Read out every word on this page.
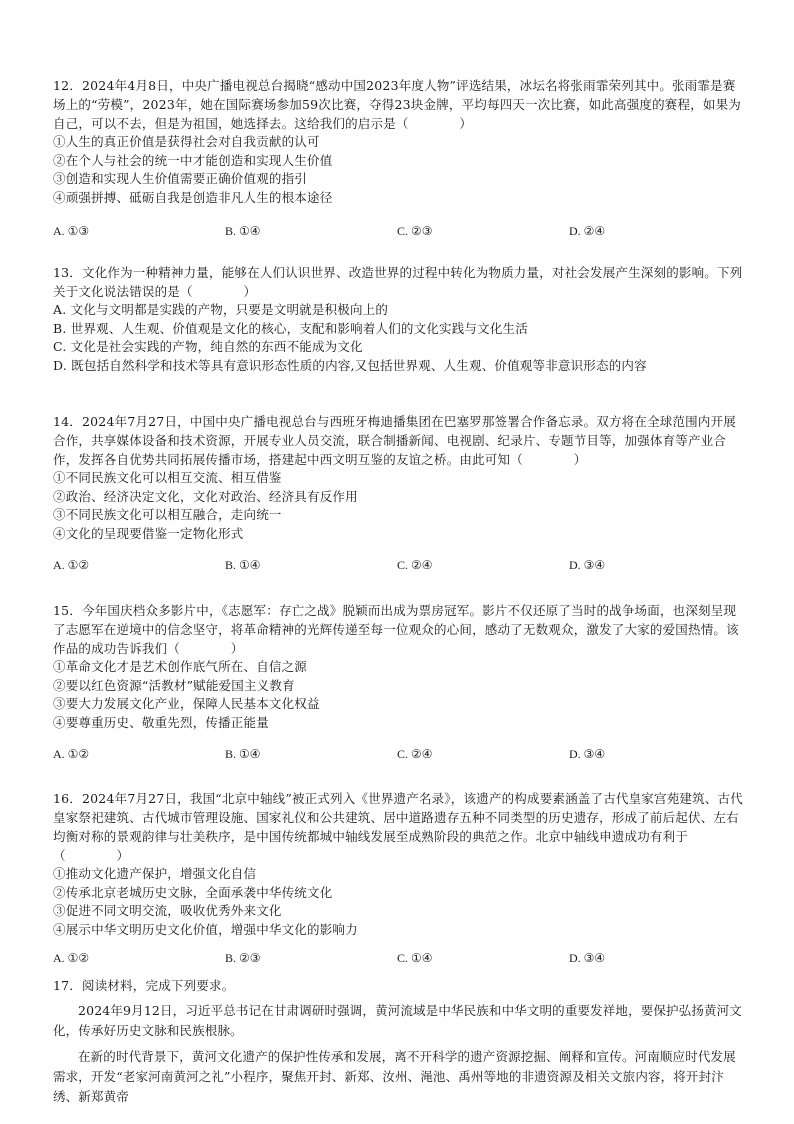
12．2024年4月8日，中央广播电视总台揭晓“感动中国2023年度人物”评选结果，冰坛名将张雨霏荣列其中。张雨霏是赛场上的“劳模”，2023年，她在国际赛场参加59次比赛，夺得23块金牌，平均每四天一次比赛，如此高强度的赛程，如果为自己，可以不去，但是为祖国，她选择去。这给我们的启示是（　　　　）

①人生的真正价值是获得社会对自我贡献的认可

②在个人与社会的统一中才能创造和实现人生价值

③创造和实现人生价值需要正确价值观的指引

④顽强拼搏、砥砺自我是创造非凡人生的根本途径

A. ①③	B. ①④	C. ②③	D. ②④

13．文化作为一种精神力量，能够在人们认识世界、改造世界的过程中转化为物质力量，对社会发展产生深刻的影响。下列关于文化说法错误的是（　　　　）

A. 文化与文明都是实践的产物，只要是文明就是积极向上的

B. 世界观、人生观、价值观是文化的核心，支配和影响着人们的文化实践与文化生活

C. 文化是社会实践的产物，纯自然的东西不能成为文化

D. 既包括自然科学和技术等具有意识形态性质的内容,又包括世界观、人生观、价值观等非意识形态的内容

14．2024年7月27日，中国中央广播电视总台与西班牙梅迪播集团在巴塞罗那签署合作备忘录。双方将在全球范围内开展合作，共享媒体设备和技术资源，开展专业人员交流，联合制播新闻、电视剧、纪录片、专题节目等，加强体育等产业合作，发挥各自优势共同拓展传播市场，搭建起中西文明互鉴的友谊之桥。由此可知（　　　　）

①不同民族文化可以相互交流、相互借鉴

②政治、经济决定文化，文化对政治、经济具有反作用

③不同民族文化可以相互融合，走向统一

④文化的呈现要借鉴一定物化形式

A. ①②	B. ①④	C. ②④	D. ③④

15．今年国庆档众多影片中，《志愿军：存亡之战》脱颖而出成为票房冠军。影片不仅还原了当时的战争场面，也深刻呈现了志愿军在逆境中的信念坚守，将革命精神的光辉传递至每一位观众的心间，感动了无数观众，激发了大家的爱国热情。该作品的成功告诉我们（　　　　）

①革命文化才是艺术创作底气所在、自信之源

②要以红色资源“活教材”赋能爱国主义教育

③要大力发展文化产业，保障人民基本文化权益

④要尊重历史、敬重先烈，传播正能量

A. ①②	B. ①④	C. ②④	D. ③④

16．2024年7月27日，我国“北京中轴线”被正式列入《世界遗产名录》，该遗产的构成要素涵盖了古代皇家宫苑建筑、古代皇家祭祀建筑、古代城市管理设施、国家礼仪和公共建筑、居中道路遗存五种不同类型的历史遗存，形成了前后起伏、左右均衡对称的景观韵律与壮美秩序，是中国传统都城中轴线发展至成熟阶段的典范之作。北京中轴线申遗成功有利于（　　　　）

①推动文化遗产保护，增强文化自信

②传承北京老城历史文脉，全面承袭中华传统文化

③促进不同文明交流，吸收优秀外来文化

④展示中华文明历史文化价值，增强中华文化的影响力

A. ①②	B. ②③	C. ①④	D. ③④

17．阅读材料，完成下列要求。

2024年9月12日，习近平总书记在甘肃调研时强调，黄河流域是中华民族和中华文明的重要发祥地，要保护弘扬黄河文化，传承好历史文脉和民族根脉。

在新的时代背景下，黄河文化遗产的保护性传承和发展，离不开科学的遗产资源挖掘、阐释和宣传。河南顺应时代发展需求，开发“老家河南黄河之礼”小程序，聚焦开封、新郑、汝州、渑池、禹州等地的非遗资源及相关文旅内容，将开封汴绣、新郑黄帝
